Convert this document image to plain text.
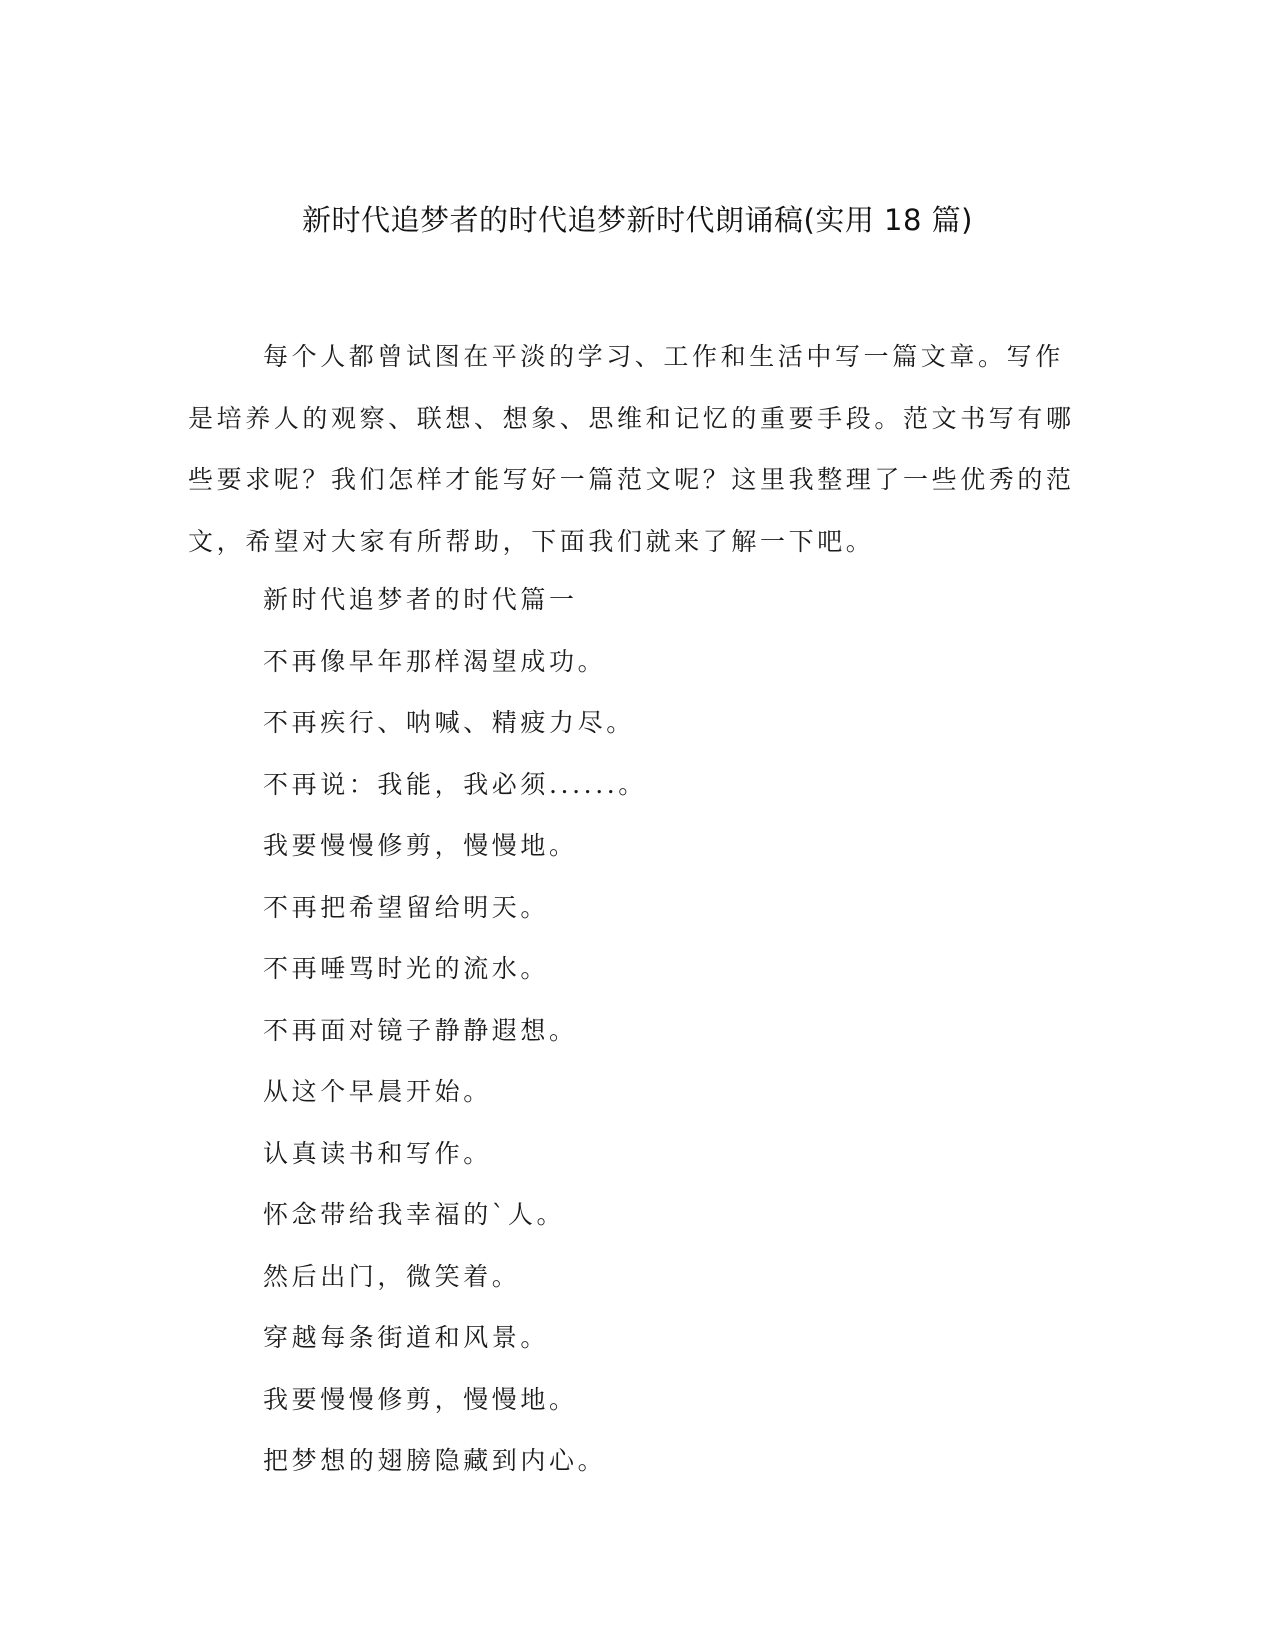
新时代追梦者的时代追梦新时代朗诵稿(实用 18 篇)

每个人都曾试图在平淡的学习、工作和生活中写一篇文章。写作是培养人的观察、联想、想象、思维和记忆的重要手段。范文书写有哪些要求呢？我们怎样才能写好一篇范文呢？这里我整理了一些优秀的范文，希望对大家有所帮助，下面我们就来了解一下吧。

新时代追梦者的时代篇一
不再像早年那样渴望成功。
不再疾行、呐喊、精疲力尽。
不再说：我能，我必须......。
我要慢慢修剪，慢慢地。
不再把希望留给明天。
不再唾骂时光的流水。
不再面对镜子静静遐想。
从这个早晨开始。
认真读书和写作。
怀念带给我幸福的`人。
然后出门，微笑着。
穿越每条街道和风景。
我要慢慢修剪，慢慢地。
把梦想的翅膀隐藏到内心。
